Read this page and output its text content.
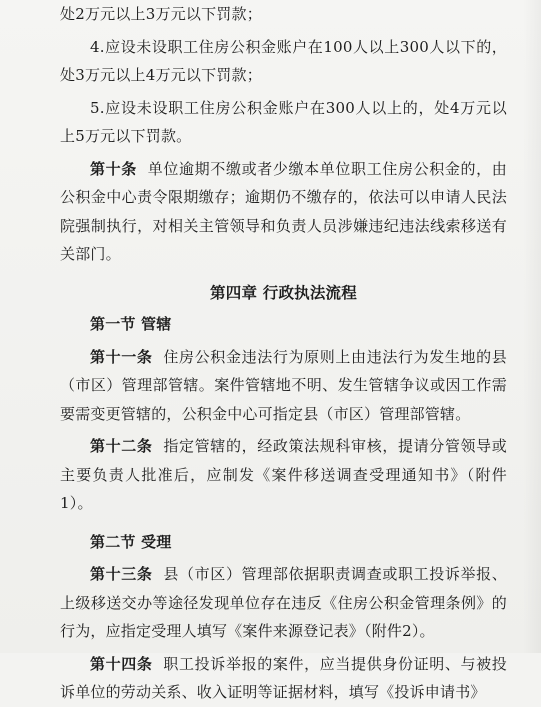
处2万元以上3万元以下罚款；

4.应设未设职工住房公积金账户在100人以上300人以下的，处3万元以上4万元以下罚款；

5.应设未设职工住房公积金账户在300人以上的，处4万元以上5万元以下罚款。

第十条 单位逾期不缴或者少缴本单位职工住房公积金的，由公积金中心责令限期缴存；逾期仍不缴存的，依法可以申请人民法院强制执行，对相关主管领导和负责人员涉嫌违纪违法线索移送有关部门。

第四章 行政执法流程

第一节 管辖

第十一条 住房公积金违法行为原则上由违法行为发生地的县（市区）管理部管辖。案件管辖地不明、发生管辖争议或因工作需要需变更管辖的，公积金中心可指定县（市区）管理部管辖。

第十二条 指定管辖的，经政策法规科审核，提请分管领导或主要负责人批准后，应制发《案件移送调查受理通知书》（附件1）。

第二节 受理

第十三条 县（市区）管理部依据职责调查或职工投诉举报、上级移送交办等途径发现单位存在违反《住房公积金管理条例》的行为，应指定受理人填写《案件来源登记表》（附件2）。

第十四条 职工投诉举报的案件，应当提供身份证明、与被投诉单位的劳动关系、收入证明等证据材料，填写《投诉申请书》
